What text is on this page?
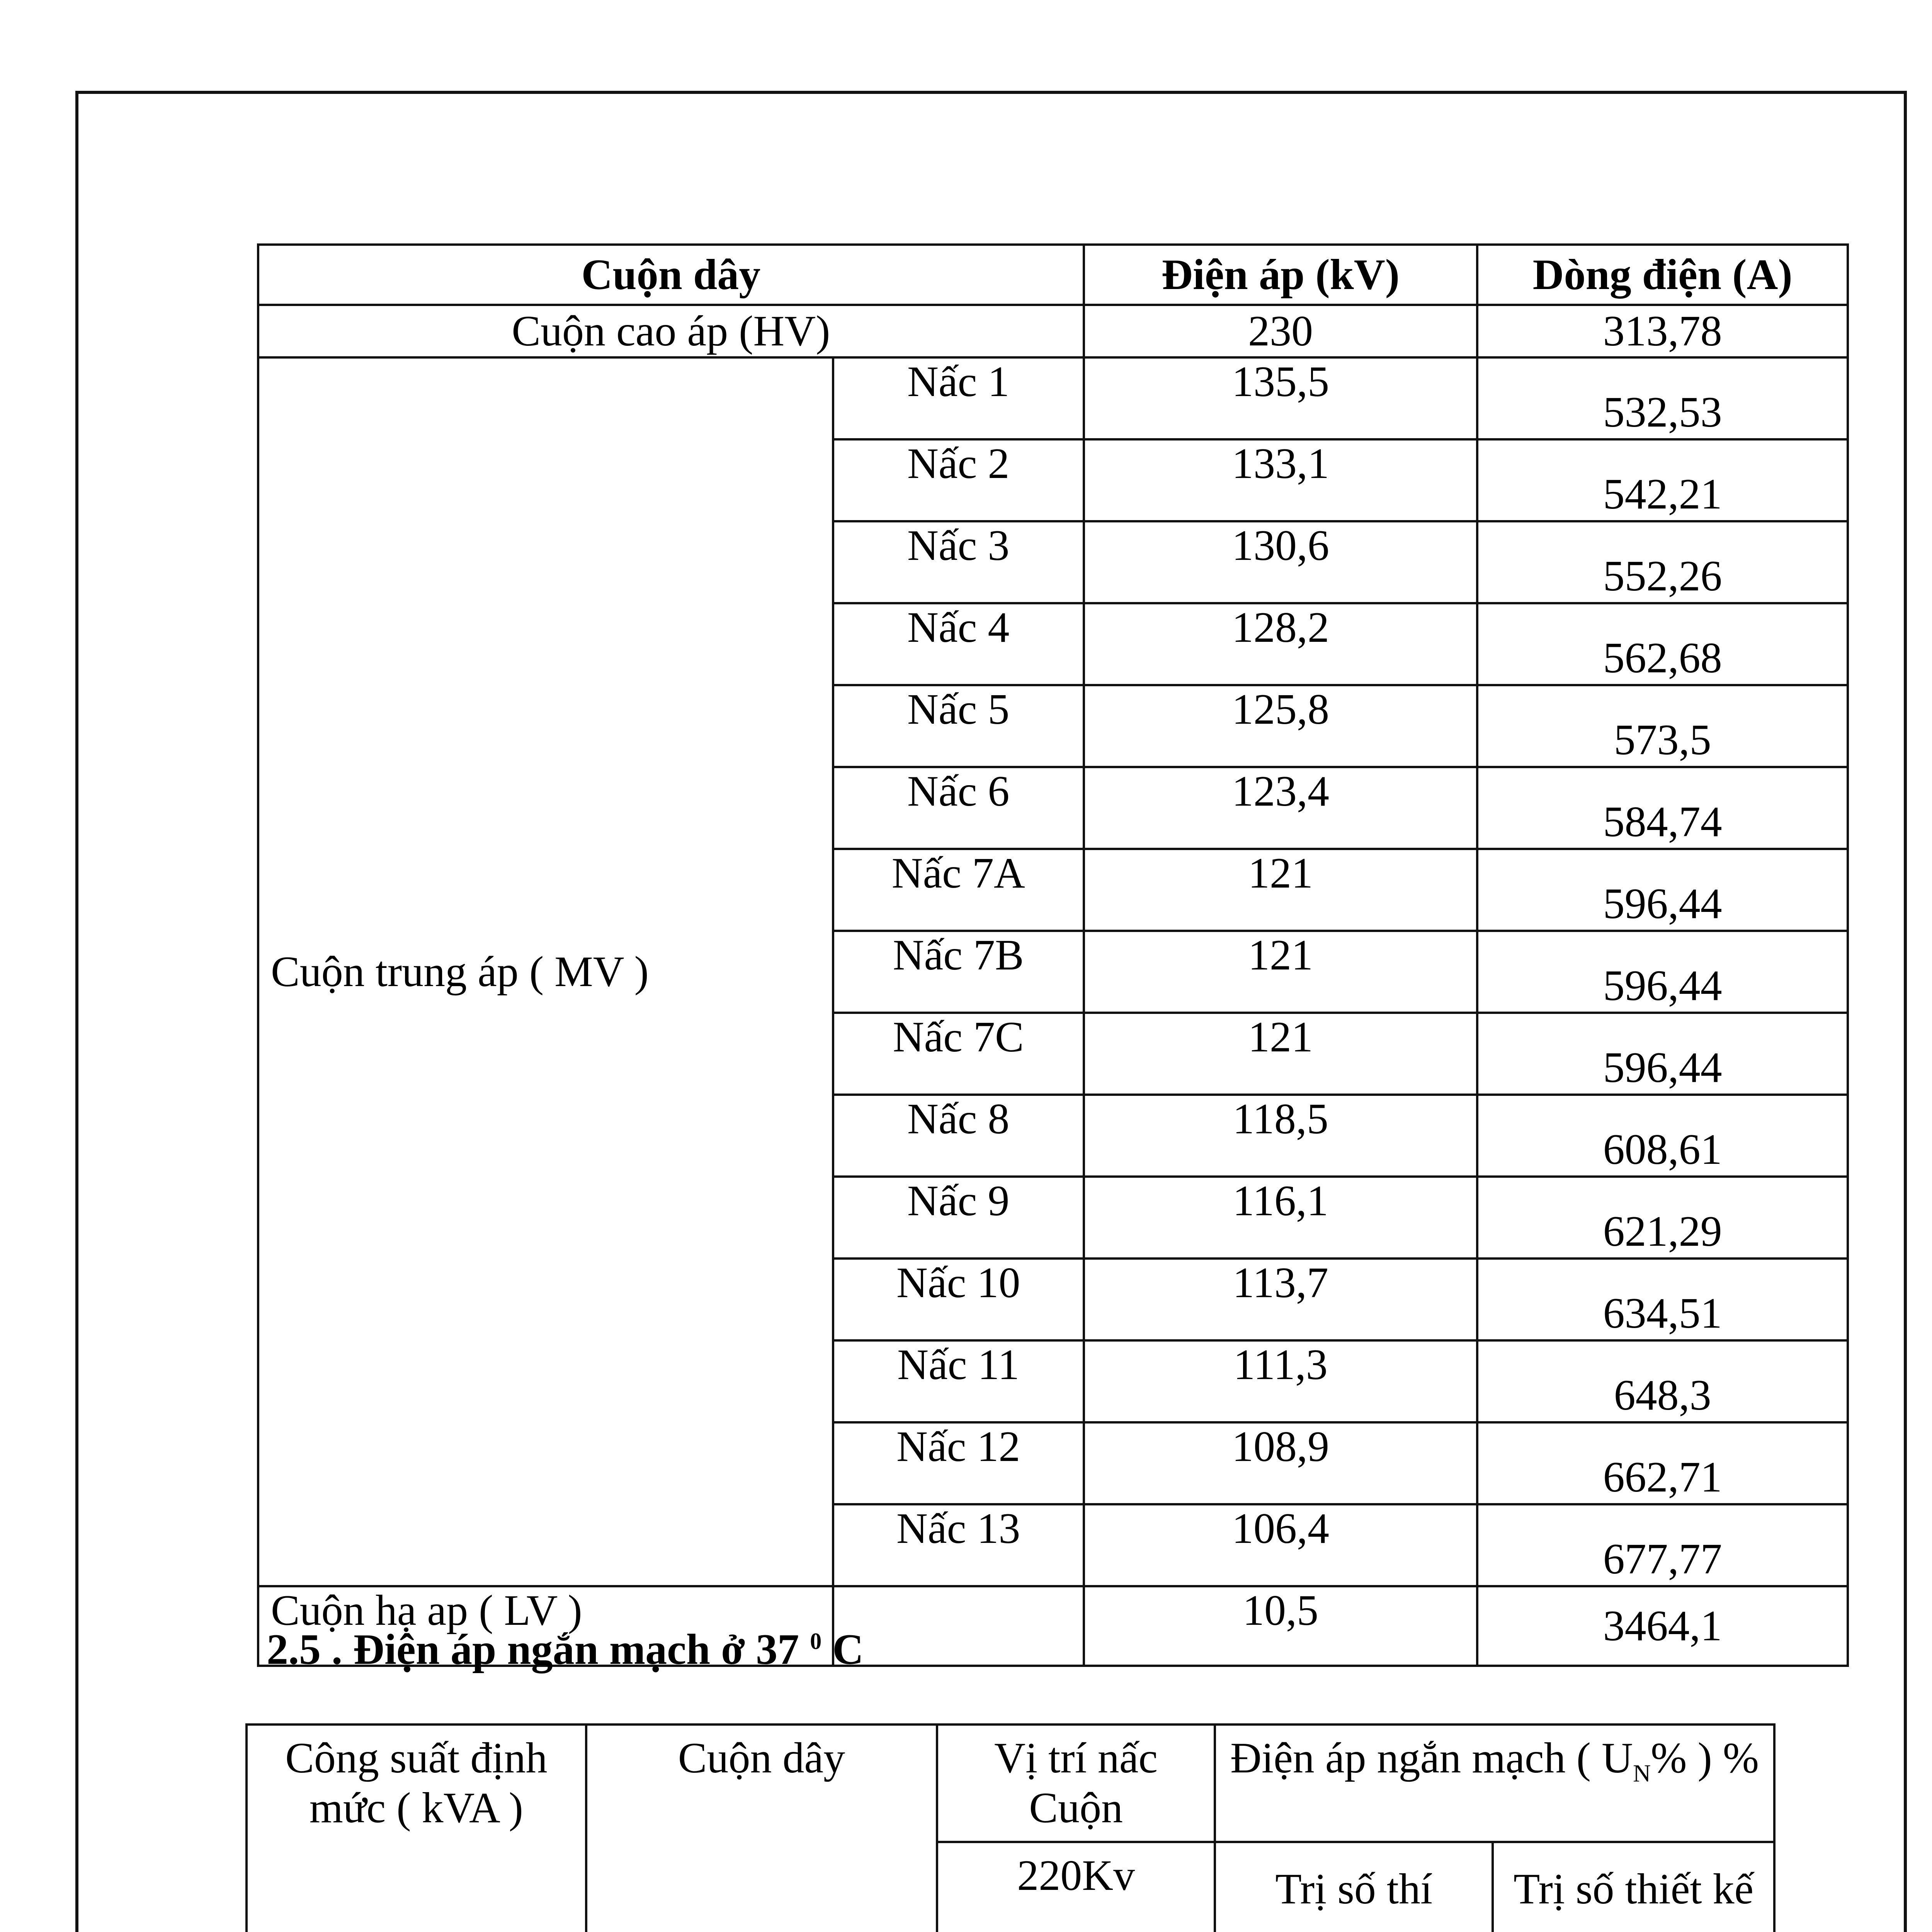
Cuộn dây		Điện áp (kV)	Dòng điện (A)
Cuộn cao áp (HV)		230	313,78
Cuộn trung áp ( MV )	Nấc 1	135,5	532,53
	Nấc 2	133,1	542,21
	Nấc 3	130,6	552,26
	Nấc 4	128,2	562,68
	Nấc 5	125,8	573,5
	Nấc 6	123,4	584,74
	Nấc 7A	121	596,44
	Nấc 7B	121	596,44
	Nấc 7C	121	596,44
	Nấc 8	118,5	608,61
	Nấc 9	116,1	621,29
	Nấc 10	113,7	634,51
	Nấc 11	111,3	648,3
	Nấc 12	108,9	662,71
	Nấc 13	106,4	677,77
Cuộn hạ ap ( LV )		10,5	3464,1
2.5 . Điện áp ngắn mạch ở 37 $^0$ C
Công suất định mức ( kVA )	Cuộn dây	Vị trí nấc Cuộn	Điện áp ngắn mạch ( $U_N\%$ ) %	
		220Kv	Trị số thí	Trị số thiết kế
